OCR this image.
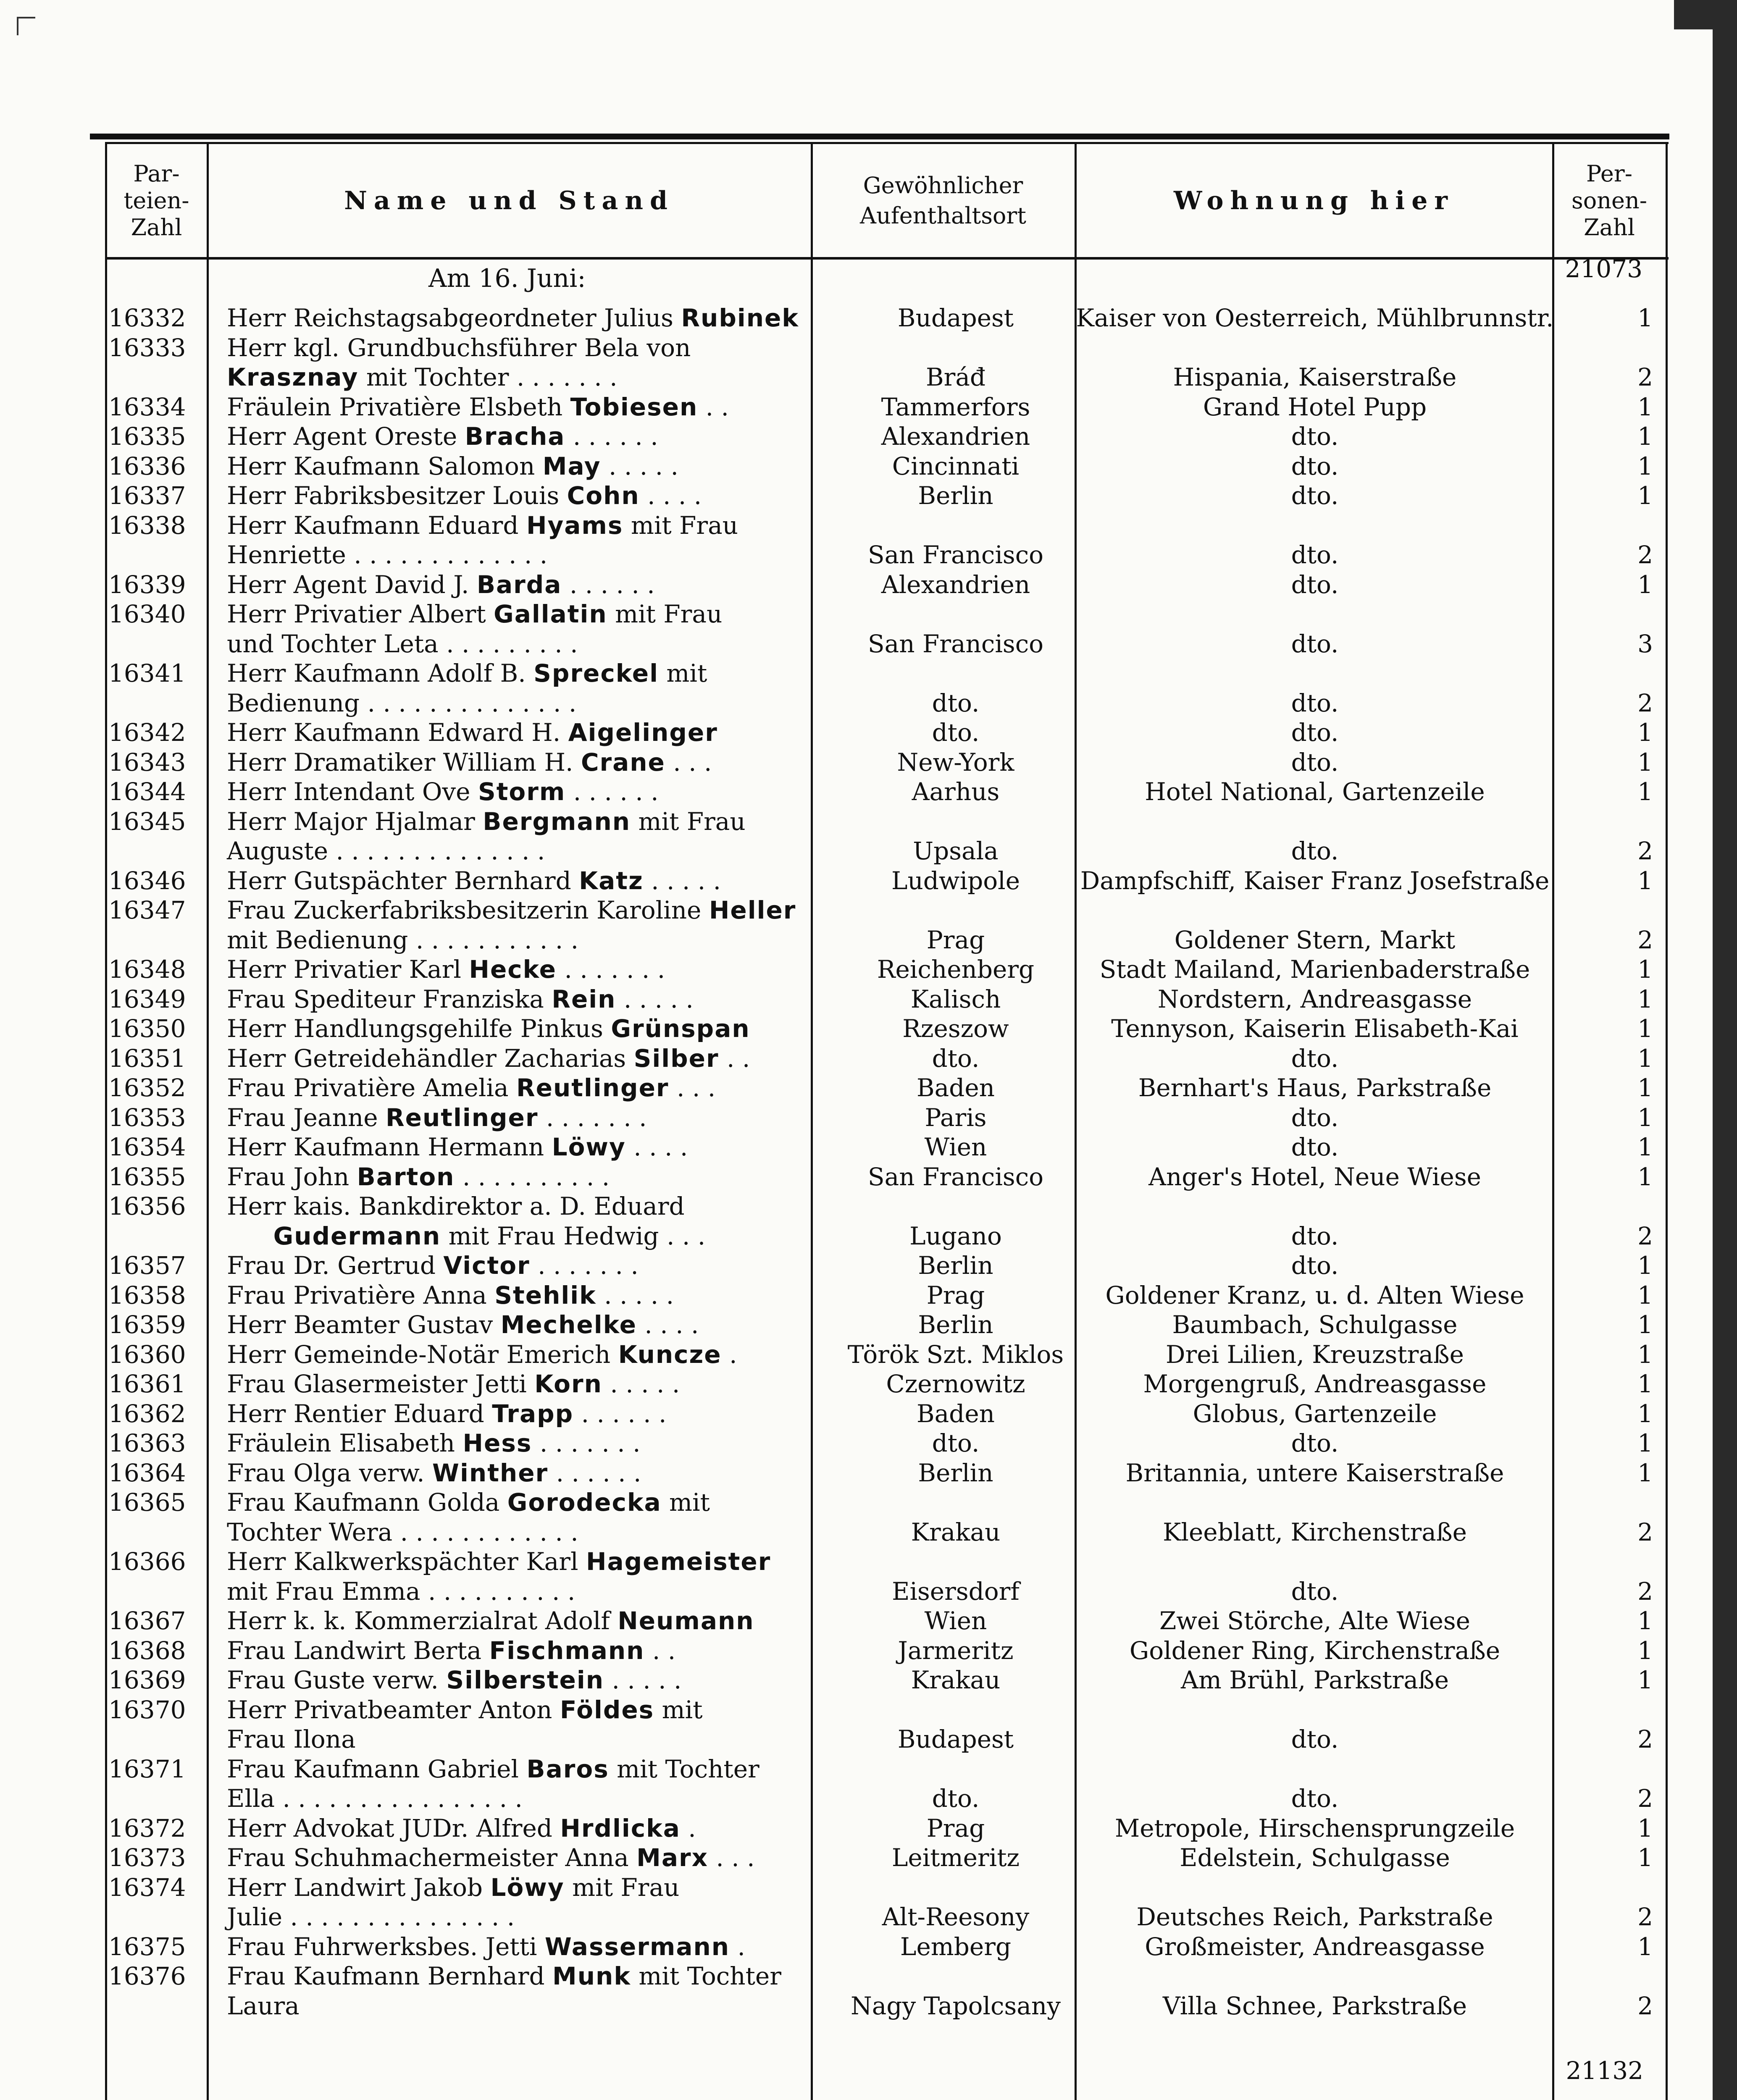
Par-
teien-
Zahl
Name und Stand
Gewöhnlicher
Aufenthaltsort
Wohnung hier
Per-
sonen-
Zahl
Am 16. Juni:	21073
16332	Herr Reichstagsabgeordneter Julius Rubinek	Budapest	Kaiser von Oesterreich, Mühlbrunnstr.	1
16333	Herr kgl. Grundbuchsführer Bela von
Krasznay mit Tochter . . . . . . .	Bráđ	Hispania, Kaiserstraße	2
16334	Fräulein Privatière Elsbeth Tobiesen . .	Tammerfors	Grand Hotel Pupp	1
16335	Herr Agent Oreste Bracha . . . . . .	Alexandrien	dto.	1
16336	Herr Kaufmann Salomon May . . . . .	Cincinnati	dto.	1
16337	Herr Fabriksbesitzer Louis Cohn . . . .	Berlin	dto.	1
16338	Herr Kaufmann Eduard Hyams mit Frau
Henriette . . . . . . . . . . . . .	San Francisco	dto.	2
16339	Herr Agent David J. Barda . . . . . .	Alexandrien	dto.	1
16340	Herr Privatier Albert Gallatin mit Frau
und Tochter Leta . . . . . . . . .	San Francisco	dto.	3
16341	Herr Kaufmann Adolf B. Spreckel mit
Bedienung . . . . . . . . . . . . . .	dto.	dto.	2
16342	Herr Kaufmann Edward H. Aigelinger	dto.	dto.	1
16343	Herr Dramatiker William H. Crane . . .	New-York	dto.	1
16344	Herr Intendant Ove Storm . . . . . .	Aarhus	Hotel National, Gartenzeile	1
16345	Herr Major Hjalmar Bergmann mit Frau
Auguste . . . . . . . . . . . . . .	Upsala	dto.	2
16346	Herr Gutspächter Bernhard Katz . . . . .	Ludwipole	Dampfschiff, Kaiser Franz Josefstraße	1
16347	Frau Zuckerfabriksbesitzerin Karoline Heller
mit Bedienung . . . . . . . . . . .	Prag	Goldener Stern, Markt	2
16348	Herr Privatier Karl Hecke . . . . . . .	Reichenberg	Stadt Mailand, Marienbaderstraße	1
16349	Frau Spediteur Franziska Rein . . . . .	Kalisch	Nordstern, Andreasgasse	1
16350	Herr Handlungsgehilfe Pinkus Grünspan	Rzeszow	Tennyson, Kaiserin Elisabeth-Kai	1
16351	Herr Getreidehändler Zacharias Silber . .	dto.	dto.	1
16352	Frau Privatière Amelia Reutlinger . . .	Baden	Bernhart's Haus, Parkstraße	1
16353	Frau Jeanne Reutlinger . . . . . . .	Paris	dto.	1
16354	Herr Kaufmann Hermann Löwy . . . .	Wien	dto.	1
16355	Frau John Barton . . . . . . . . . .	San Francisco	Anger's Hotel, Neue Wiese	1
16356	Herr kais. Bankdirektor a. D. Eduard
Gudermann mit Frau Hedwig . . .	Lugano	dto.	2
16357	Frau Dr. Gertrud Victor . . . . . . .	Berlin	dto.	1
16358	Frau Privatière Anna Stehlik . . . . .	Prag	Goldener Kranz, u. d. Alten Wiese	1
16359	Herr Beamter Gustav Mechelke . . . .	Berlin	Baumbach, Schulgasse	1
16360	Herr Gemeinde-Notär Emerich Kuncze .	Török Szt. Miklos	Drei Lilien, Kreuzstraße	1
16361	Frau Glasermeister Jetti Korn . . . . .	Czernowitz	Morgengruß, Andreasgasse	1
16362	Herr Rentier Eduard Trapp . . . . . .	Baden	Globus, Gartenzeile	1
16363	Fräulein Elisabeth Hess . . . . . . .	dto.	dto.	1
16364	Frau Olga verw. Winther . . . . . .	Berlin	Britannia, untere Kaiserstraße	1
16365	Frau Kaufmann Golda Gorodecka mit
Tochter Wera . . . . . . . . . . . .	Krakau	Kleeblatt, Kirchenstraße	2
16366	Herr Kalkwerkspächter Karl Hagemeister
mit Frau Emma . . . . . . . . . .	Eisersdorf	dto.	2
16367	Herr k. k. Kommerzialrat Adolf Neumann	Wien	Zwei Störche, Alte Wiese	1
16368	Frau Landwirt Berta Fischmann . .	Jarmeritz	Goldener Ring, Kirchenstraße	1
16369	Frau Guste verw. Silberstein . . . . .	Krakau	Am Brühl, Parkstraße	1
16370	Herr Privatbeamter Anton Földes mit
Frau Ilona	Budapest	dto.	2
16371	Frau Kaufmann Gabriel Baros mit Tochter
Ella . . . . . . . . . . . . . . . .	dto.	dto.	2
16372	Herr Advokat JUDr. Alfred Hrdlicka .	Prag	Metropole, Hirschensprungzeile	1
16373	Frau Schuhmachermeister Anna Marx . . .	Leitmeritz	Edelstein, Schulgasse	1
16374	Herr Landwirt Jakob Löwy mit Frau
Julie . . . . . . . . . . . . . . .	Alt-Reesony	Deutsches Reich, Parkstraße	2
16375	Frau Fuhrwerksbes. Jetti Wassermann .	Lemberg	Großmeister, Andreasgasse	1
16376	Frau Kaufmann Bernhard Munk mit Tochter
Laura	Nagy Tapolcsany	Villa Schnee, Parkstraße	2
21132
